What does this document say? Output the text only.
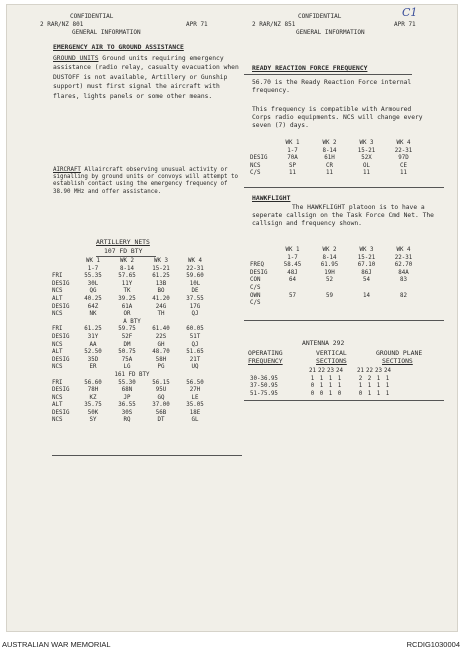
CONFIDENTIAL
2 RAR/NZ 801	APR 71
GENERAL INFORMATION
CONFIDENTIAL
2 RAR/NZ 851	APR 71
GENERAL INFORMATION
C1
EMERGENCY AIR TO GROUND ASSISTANCE
GROUND UNITS Ground units requiring emergency assistance (radio relay, casualty evacuation when DUSTOFF is not available, Artillery or Gunship support) must first signal the aircraft with flares, lights panels or some other means.
AIRCRAFT Allaircraft observing unusual activity or signalling by ground units or convoys will attempt to establish contact using the emergency frequency of 38.90 MHz and offer assistance.
ARTILLERY NETS
107 FD BTY
WK 1	WK 2	WK 3	WK 4
1-7	8-14	15-21	22-31
FRI	55.35	57.65	61.25	59.60
DESIG	30L	11Y	13B	10L
NCS	QG	TK	BO	DE
ALT	40.25	39.25	41.20	37.55
DESIG	64Z	61A	24G	17G
NCS	NK	OR	TH	QJ
A BTY
FRI	61.25	59.75	61.40	60.05
DESIG	31Y	52F	22S	51T
NCS	AA	DM	GH	QJ
ALT	52.50	50.75	48.70	51.65
DESIG	35D	75A	58H	21T
NCS	ER	LG	PG	UQ
161 FD BTY
FRI	56.60	55.30	56.15	56.50
DESIG	78H	68N	95U	27H
NCS	KZ	JP	GQ	LE
ALT	35.75	36.55	37.00	35.05
DESIG	50K	30S	56B	18E
NCS	SY	RQ	DT	GL
READY REACTION FORCE FREQUENCY
56.70 is the Ready Reaction Force internal frequency.
This frequency is compatible with Armoured Corps radio equipments. NCS will change every seven (7) days.
WK 1	WK 2	WK 3	WK 4
1-7	8-14	15-21	22-31
DESIG	70A	61H	52X	97D
NCS	SP	CR	OL	CE
C/S	11	11	11	11
HAWKFLIGHT
The HAWKFLIGHT platoon is to have a seperate callsign on the Task Force Cmd Net. The callsign and frequency shown.
WK 1	WK 2	WK 3	WK 4
1-7	8-14	15-21	22-31
FREQ	58.45	61.95	67.10	62.70
DESIG	48J	19H	86J	84A
CON	64	52	54	83
C/S
OWN	57	59	14	82
C/S
ANTENNA 292
OPERATING
FREQUENCY
VERTICAL
SECTIONS
GROUND PLANE
SECTIONS
21 22 23 24 21 22 23 24
30-36.95	1 1 1 1	2 2 1 1
37-50.95	0 1 1 1	1 1 1 1
51-75.95	0 0 1 0	0 1 1 1
AUSTRALIAN WAR MEMORIAL	RCDIG1030004
